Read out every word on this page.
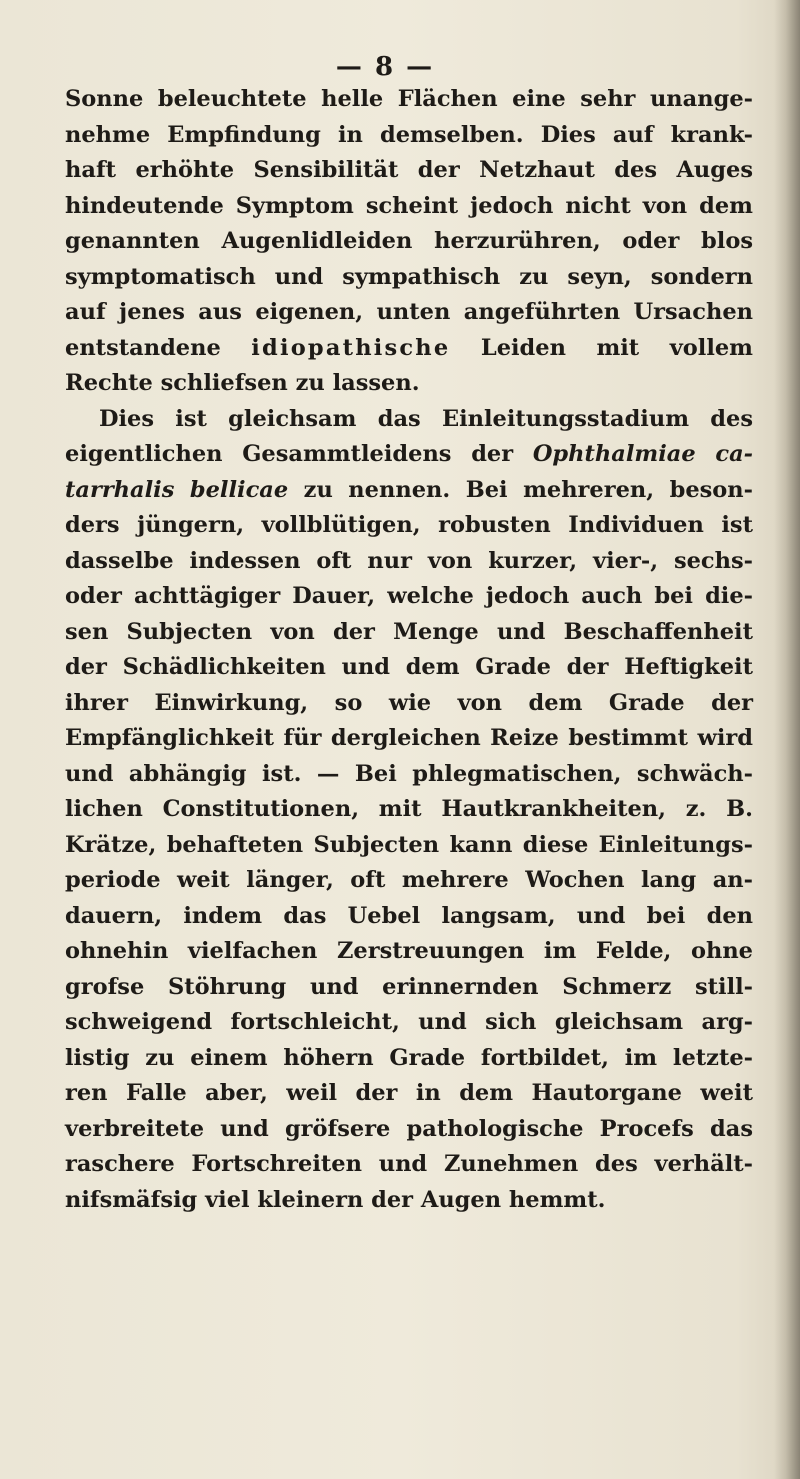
— 8 —
Sonne beleuchtete helle Flächen eine sehr unange-
nehme Empfindung in demselben. Dies auf krank-
haft erhöhte Sensibilität der Netzhaut des Auges
hindeutende Symptom scheint jedoch nicht von dem
genannten Augenlidleiden herzurühren, oder blos
symptomatisch und sympathisch zu seyn, sondern
auf jenes aus eigenen, unten angeführten Ursachen
entstandene idiopathische Leiden mit vollem
Rechte schliefsen zu lassen.
Dies ist gleichsam das Einleitungsstadium des
eigentlichen Gesammtleidens der Ophthalmiae ca-
tarrhalis bellicae zu nennen. Bei mehreren, beson-
ders jüngern, vollblütigen, robusten Individuen ist
dasselbe indessen oft nur von kurzer, vier-, sechs-
oder achttägiger Dauer, welche jedoch auch bei die-
sen Subjecten von der Menge und Beschaffenheit
der Schädlichkeiten und dem Grade der Heftigkeit
ihrer Einwirkung, so wie von dem Grade der
Empfänglichkeit für dergleichen Reize bestimmt wird
und abhängig ist. — Bei phlegmatischen, schwäch-
lichen Constitutionen, mit Hautkrankheiten, z. B.
Krätze, behafteten Subjecten kann diese Einleitungs-
periode weit länger, oft mehrere Wochen lang an-
dauern, indem das Uebel langsam, und bei den
ohnehin vielfachen Zerstreuungen im Felde, ohne
grofse Stöhrung und erinnernden Schmerz still-
schweigend fortschleicht, und sich gleichsam arg-
listig zu einem höhern Grade fortbildet, im letzte-
ren Falle aber, weil der in dem Hautorgane weit
verbreitete und gröfsere pathologische Procefs das
raschere Fortschreiten und Zunehmen des verhält-
nifsmäfsig viel kleinern der Augen hemmt.
